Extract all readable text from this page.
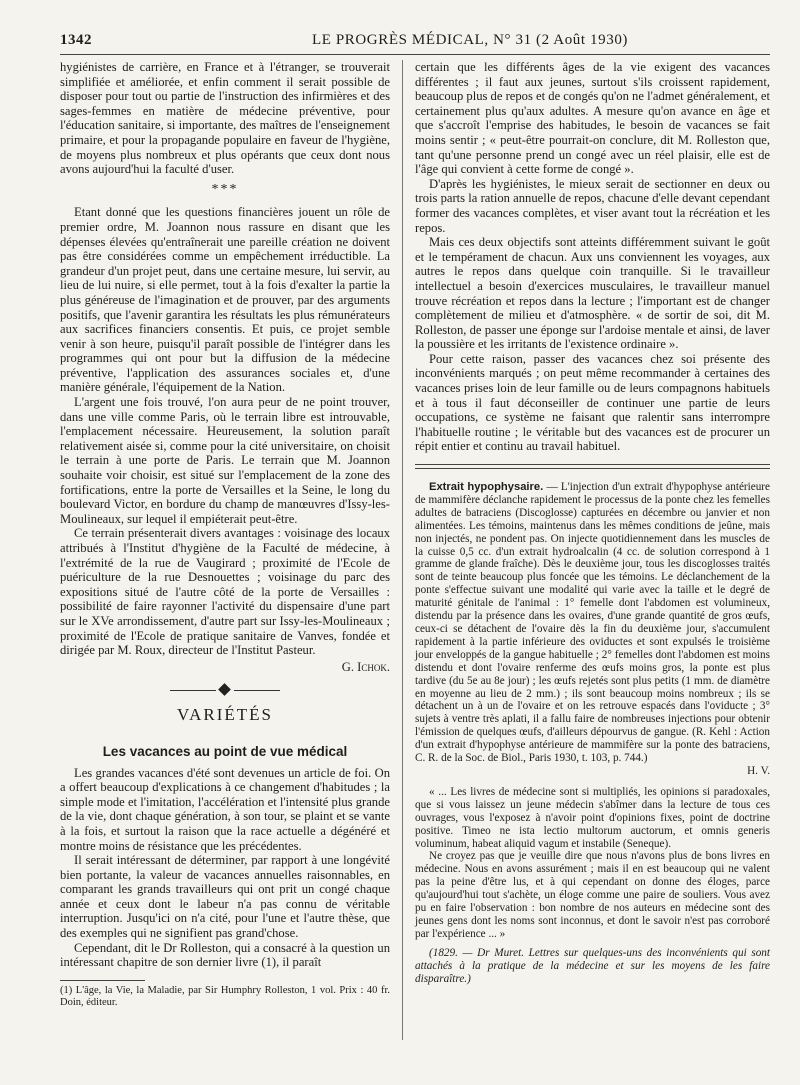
1342	LE PROGRÈS MÉDICAL, N° 31 (2 Août 1930)

hygiénistes de carrière, en France et à l'étranger, se trouverait simplifiée et améliorée, et enfin comment il serait possible de disposer pour tout ou partie de l'instruction des infirmières et des sages-femmes en matière de médecine préventive, pour l'éducation sanitaire, si importante, des maîtres de l'enseignement primaire, et pour la propagande populaire en faveur de l'hygiène, de moyens plus nombreux et plus opérants que ceux dont nous avons aujourd'hui la faculté d'user.

***

Etant donné que les questions financières jouent un rôle de premier ordre, M. Joannon nous rassure en disant que les dépenses élevées qu'entraînerait une pareille création ne doivent pas être considérées comme un empêchement irréductible. La grandeur d'un projet peut, dans une certaine mesure, lui servir, au lieu de lui nuire, si elle permet, tout à la fois d'exalter la partie la plus généreuse de l'imagination et de prouver, par des arguments positifs, que l'avenir garantira les résultats les plus rémunérateurs aux sacrifices financiers consentis. Et puis, ce projet semble venir à son heure, puisqu'il paraît possible de l'intégrer dans les programmes qui ont pour but la diffusion de la médecine préventive, l'application des assurances sociales et, d'une manière générale, l'équipement de la Nation.

L'argent une fois trouvé, l'on aura peur de ne point trouver, dans une ville comme Paris, où le terrain libre est introuvable, l'emplacement nécessaire. Heureusement, la solution paraît relativement aisée si, comme pour la cité universitaire, on choisit le terrain à une porte de Paris. Le terrain que M. Joannon souhaite voir choisir, est situé sur l'emplacement de la zone des fortifications, entre la porte de Versailles et la Seine, le long du boulevard Victor, en bordure du champ de manœuvres d'Issy-les-Moulineaux, sur lequel il empiéterait peut-être.

Ce terrain présenterait divers avantages : voisinage des locaux attribués à l'Institut d'hygiène de la Faculté de médecine, à l'extrémité de la rue de Vaugirard ; proximité de l'Ecole de puériculture de la rue Desnouettes ; voisinage du parc des expositions situé de l'autre côté de la porte de Versailles : possibilité de faire rayonner l'activité du dispensaire d'une part sur le XVe arrondissement, d'autre part sur Issy-les-Moulineaux ; proximité de l'Ecole de pratique sanitaire de Vanves, fondée et dirigée par M. Roux, directeur de l'Institut Pasteur.

G. Ichok.
VARIÉTÉS
Les vacances au point de vue médical

Les grandes vacances d'été sont devenues un article de foi. On a offert beaucoup d'explications à ce changement d'habitudes ; la simple mode et l'imitation, l'accélération et l'intensité plus grande de la vie, dont chaque génération, à son tour, se plaint et se vante à la fois, et surtout la raison que la race actuelle a dégénéré et montre moins de résistance que les précédentes.

Il serait intéressant de déterminer, par rapport à une longévité bien portante, la valeur de vacances annuelles raisonnables, en comparant les grands travailleurs qui ont prit un congé chaque année et ceux dont le labeur n'a pas connu de véritable interruption. Jusqu'ici on n'a cité, pour l'une et l'autre thèse, que des exemples qui ne signifient pas grand'chose.

Cependant, dit le Dr Rolleston, qui a consacré à la question un intéressant chapitre de son dernier livre (1), il paraît

(1) L'âge, la Vie, la Maladie, par Sir Humphry Rolleston, 1 vol. Prix : 40 fr. Doin, éditeur.

certain que les différents âges de la vie exigent des vacances différentes ; il faut aux jeunes, surtout s'ils croissent rapidement, beaucoup plus de repos et de congés qu'on ne l'admet généralement, et certainement plus qu'aux adultes. A mesure qu'on avance en âge et que s'accroît l'emprise des habitudes, le besoin de vacances se fait moins sentir ; « peut-être pourrait-on conclure, dit M. Rolleston que, tant qu'une personne prend un congé avec un réel plaisir, elle est de l'âge qui convient à cette forme de congé ».

D'après les hygiénistes, le mieux serait de sectionner en deux ou trois parts la ration annuelle de repos, chacune d'elle devant cependant former des vacances complètes, et viser avant tout la récréation et les repos.

Mais ces deux objectifs sont atteints différemment suivant le goût et le tempérament de chacun. Aux uns conviennent les voyages, aux autres le repos dans quelque coin tranquille. Si le travailleur intellectuel a besoin d'exercices musculaires, le travailleur manuel trouve récréation et repos dans la lecture ; l'important est de changer complètement de milieu et d'atmosphère. « de sortir de soi, dit M. Rolleston, de passer une éponge sur l'ardoise mentale et ainsi, de laver la poussière et les irritants de l'existence ordinaire ».

Pour cette raison, passer des vacances chez soi présente des inconvénients marqués ; on peut même recommander à certaines des vacances prises loin de leur famille ou de leurs compagnons habituels et à tous il faut déconseiller de continuer une partie de leurs occupations, ce système ne faisant que ralentir sans interrompre l'habituelle routine ; le véritable but des vacances est de procurer un répit entier et continu au travail habituel.

Extrait hypophysaire. — L'injection d'un extrait d'hypophyse antérieure de mammifère déclanche rapidement le processus de la ponte chez les femelles adultes de batraciens (Discoglosse) capturées en décembre ou janvier et non alimentées. Les témoins, maintenus dans les mêmes conditions de jeûne, mais non injectés, ne pondent pas. On injecte quotidiennement dans les muscles de la cuisse 0,5 cc. d'un extrait hydroalcalin (4 cc. de solution correspond à 1 gramme de glande fraîche). Dès le deuxième jour, tous les discoglosses traités sont de teinte beaucoup plus foncée que les témoins. Le déclanchement de la ponte s'effectue suivant une modalité qui varie avec la taille et le degré de maturité génitale de l'animal : 1° femelle dont l'abdomen est volumineux, distendu par la présence dans les ovaires, d'une grande quantité de gros œufs, ceux-ci se détachent de l'ovaire dès la fin du deuxième jour, s'accumulent rapidement à la partie inférieure des oviductes et sont expulsés le troisième jour enveloppés de la gangue habituelle ; 2° femelles dont l'abdomen est moins distendu et dont l'ovaire renferme des œufs moins gros, la ponte est plus tardive (du 5e au 8e jour) ; les œufs rejetés sont plus petits (1 mm. de diamètre en moyenne au lieu de 2 mm.) ; ils sont beaucoup moins nombreux ; ils se détachent un à un de l'ovaire et on les retrouve espacés dans l'oviducte ; 3° sujets à ventre très aplati, il a fallu faire de nombreuses injections pour obtenir l'émission de quelques œufs, d'ailleurs dépourvus de gangue. (R. Kehl : Action d'un extrait d'hypophyse antérieure de mammifère sur la ponte des batraciens, C. R. de la Soc. de Biol., Paris 1930, t. 103, p. 744.)

H. V.

« ... Les livres de médecine sont si multipliés, les opinions si paradoxales, que si vous laissez un jeune médecin s'abîmer dans la lecture de tous ces ouvrages, vous l'exposez à n'avoir point d'opinions fixes, point de doctrine positive. Timeo ne ista lectio multorum auctorum, et omnis generis voluminum, habeat aliquid vagum et instabile (Seneque).

Ne croyez pas que je veuille dire que nous n'avons plus de bons livres en médecine. Nous en avons assurément ; mais il en est beaucoup qui ne valent pas la peine d'être lus, et à qui cependant on donne des éloges, parce qu'aujourd'hui tout s'achète, un éloge comme une paire de souliers. Vous avez pu en faire l'observation : bon nombre de nos auteurs en médecine sont des jeunes gens dont les noms sont inconnus, et dont le savoir n'est pas corroboré par l'expérience ... »

(1829. — Dr Muret. Lettres sur quelques-uns des inconvénients qui sont attachés à la pratique de la médecine et sur les moyens de les faire disparaître.)
